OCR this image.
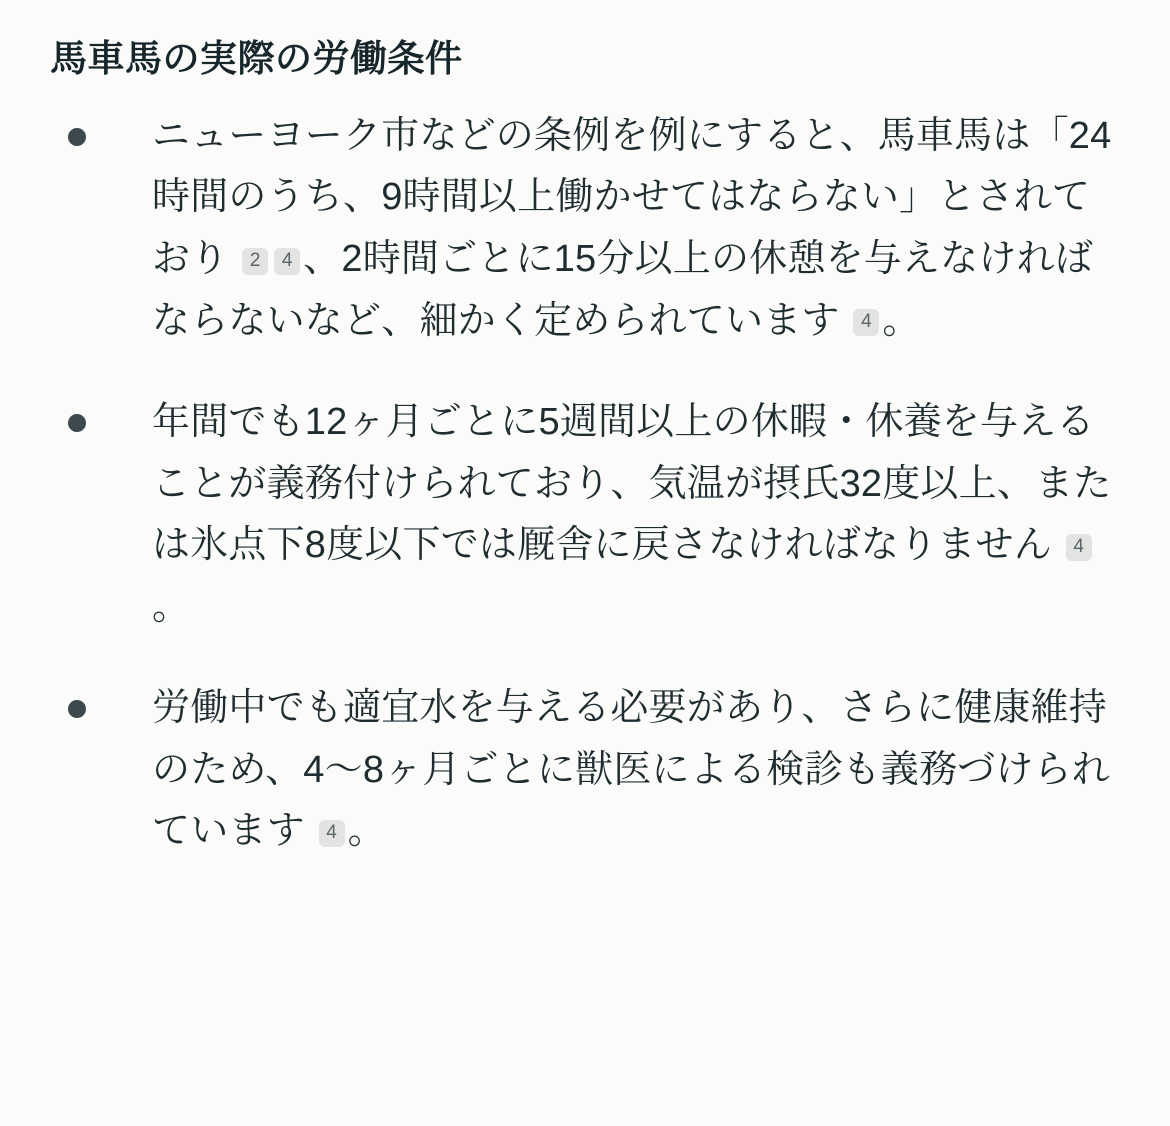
馬車馬の実際の労働条件
ニューヨーク市などの条例を例にすると、馬車馬は「24時間のうち、9時間以上働かせてはならない」とされており 2 4 、2時間ごとに15分以上の休憩を与えなければならないなど、細かく定められています 4 。
年間でも12ヶ月ごとに5週間以上の休暇・休養を与えることが義務付けられており、気温が摂氏32度以上、または氷点下8度以下では厩舎に戻さなければなりません 4。
労働中でも適宜水を与える必要があり、さらに健康維持のため、4〜8ヶ月ごとに獣医による検診も義務づけられています 4 。
